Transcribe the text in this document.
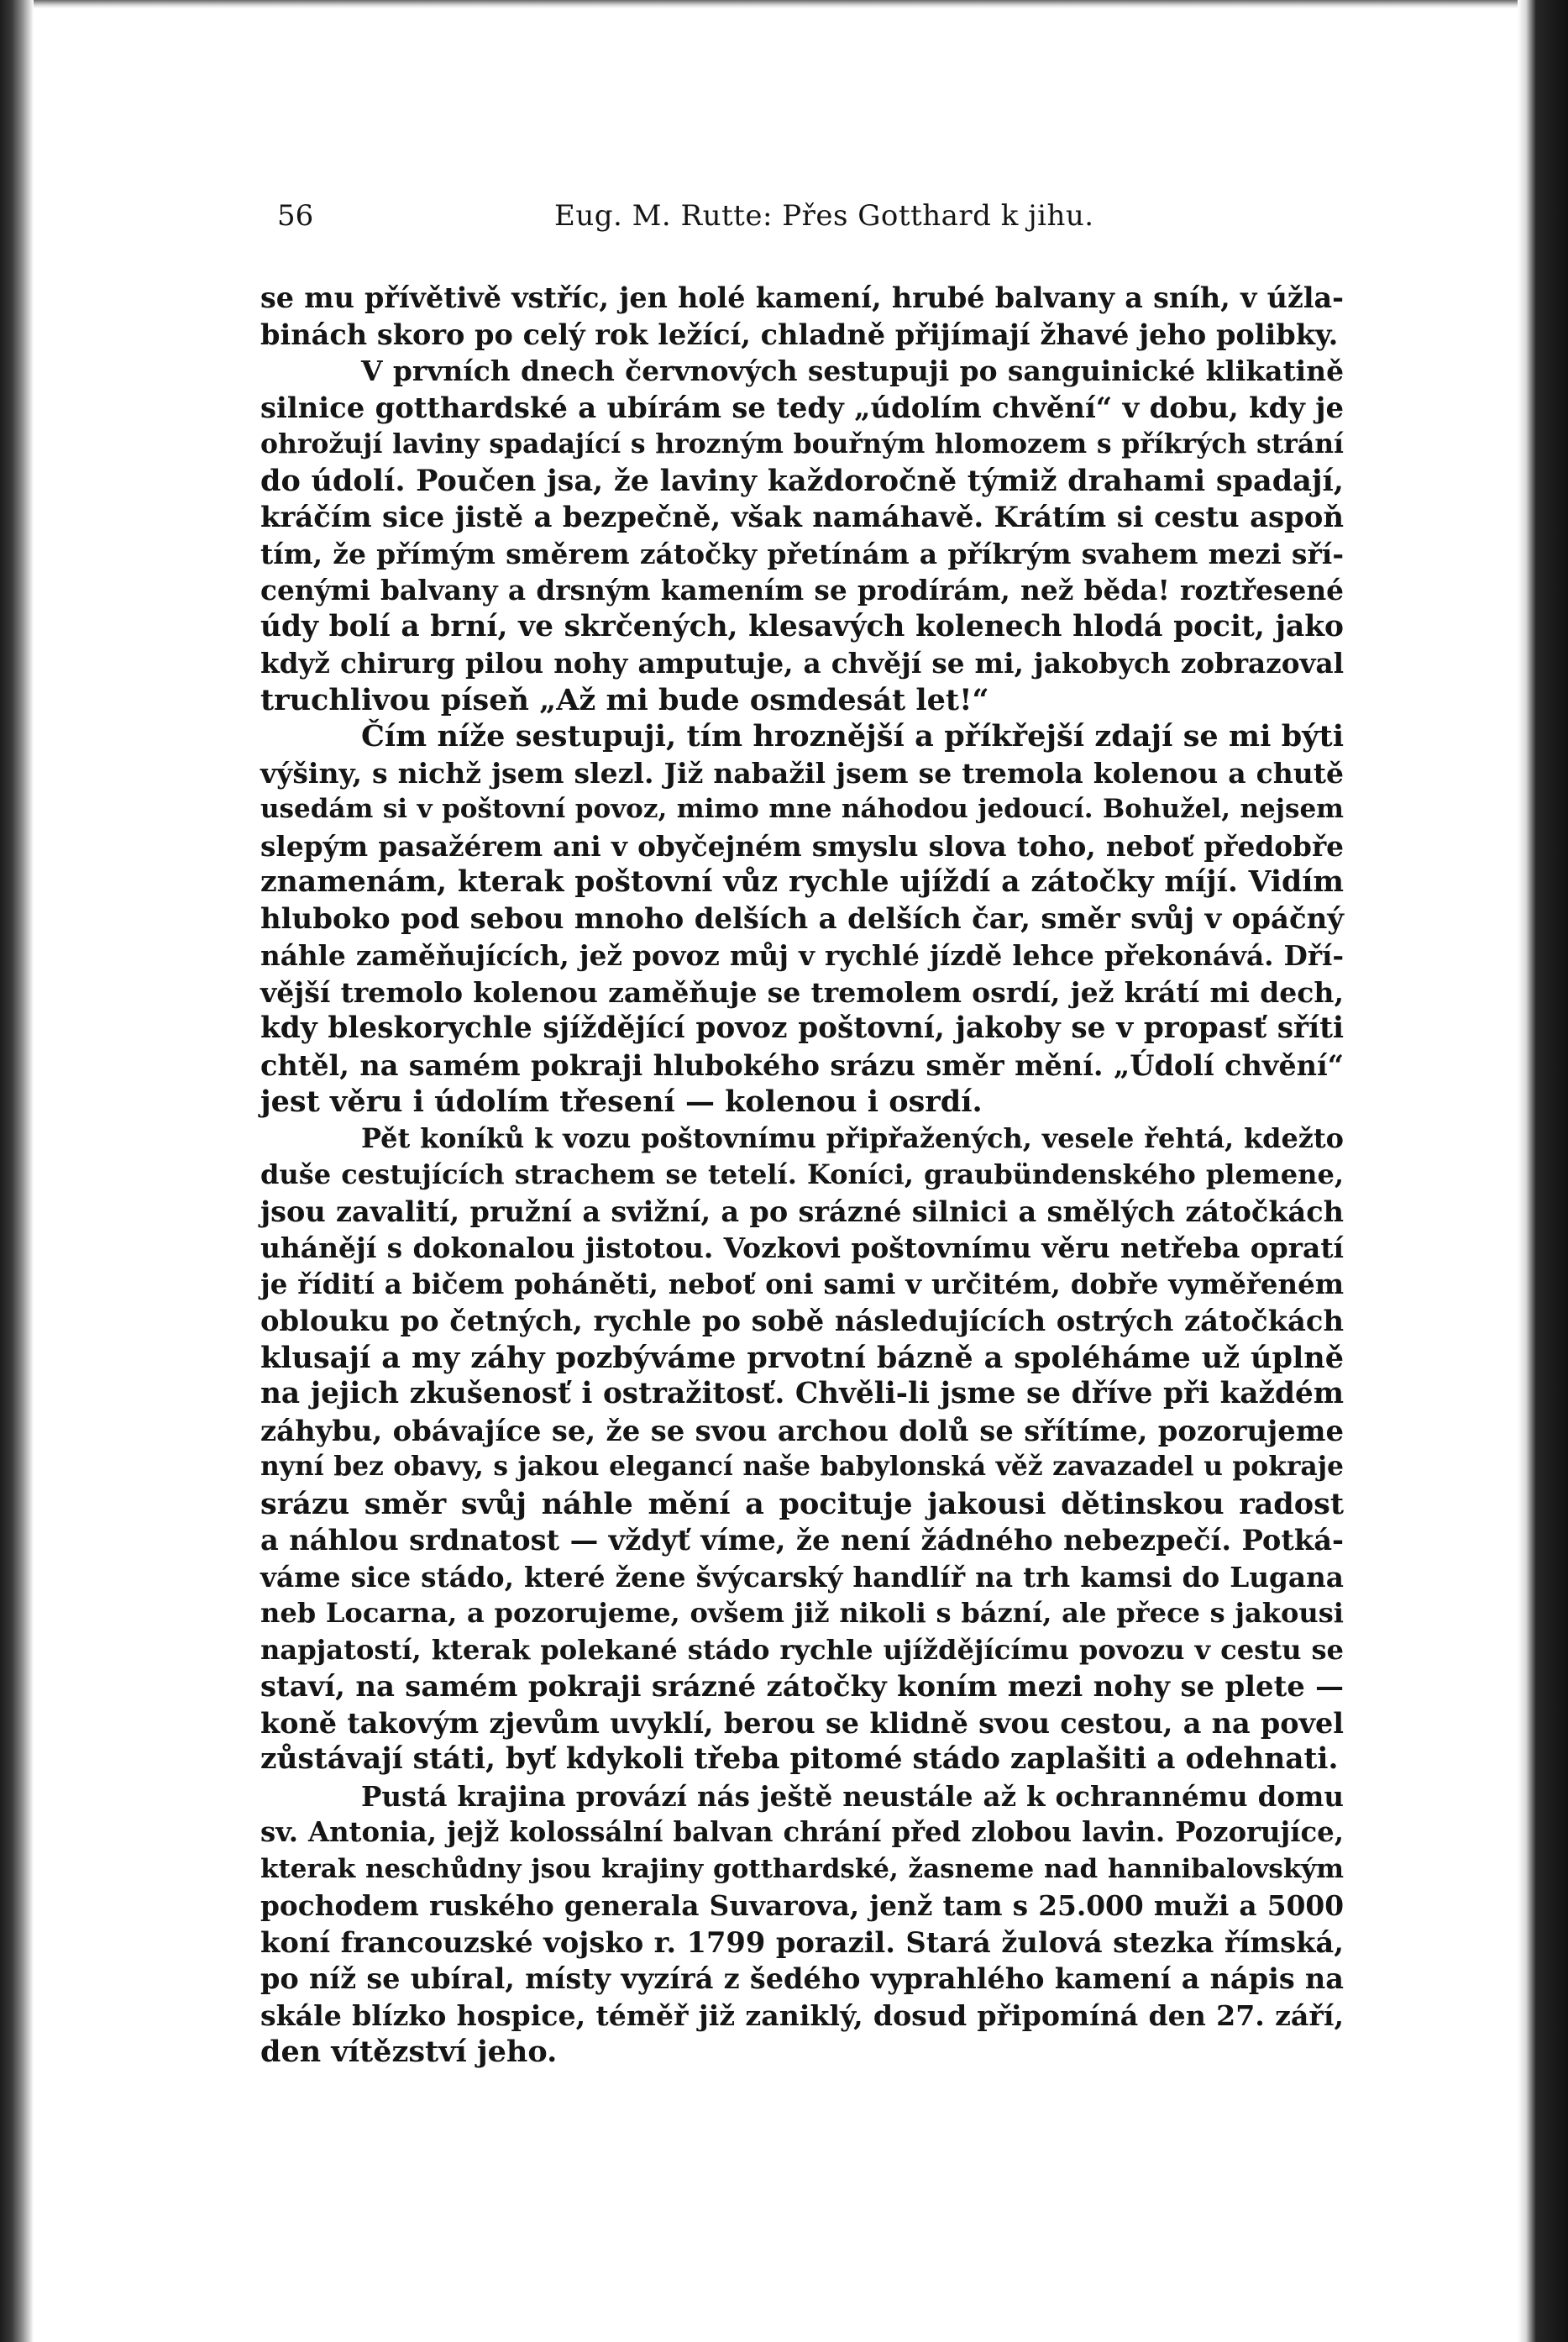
56	Eug. M. Rutte: Přes Gotthard k jihu.

se mu přívětivě vstříc, jen holé kamení, hrubé balvany a sníh, v úžla-
binách skoro po celý rok ležící, chladně přijímají žhavé jeho polibky.

V prvních dnech červnových sestupuji po sanguinické klikatině
silnice gotthardské a ubírám se tedy „údolím chvění“ v dobu, kdy je
ohrožují laviny spadající s hrozným bouřným hlomozem s příkrých strání
do údolí. Poučen jsa, že laviny každoročně týmiž drahami spadají,
kráčím sice jistě a bezpečně, však namáhavě. Krátím si cestu aspoň
tím, že přímým směrem zátočky přetínám a příkrým svahem mezi sří-
cenými balvany a drsným kamením se prodírám, než běda! roztřesené
údy bolí a brní, ve skrčených, klesavých kolenech hlodá pocit, jako
když chirurg pilou nohy amputuje, a chvějí se mi, jakobych zobrazoval
truchlivou píseň „Až mi bude osmdesát let!“

Čím níže sestupuji, tím hroznější a příkřejší zdají se mi býti
výšiny, s nichž jsem slezl. Již nabažil jsem se tremola kolenou a chutě
usedám si v poštovní povoz, mimo mne náhodou jedoucí. Bohužel, nejsem
slepým pasažérem ani v obyčejném smyslu slova toho, neboť předobře
znamenám, kterak poštovní vůz rychle ujíždí a zátočky míjí. Vidím
hluboko pod sebou mnoho delších a delších čar, směr svůj v opáčný
náhle zaměňujících, jež povoz můj v rychlé jízdě lehce překonává. Dří-
vější tremolo kolenou zaměňuje se tremolem osrdí, jež krátí mi dech,
kdy bleskorychle sjíždějící povoz poštovní, jakoby se v propasť sříti
chtěl, na samém pokraji hlubokého srázu směr mění. „Údolí chvění“
jest věru i údolím třesení — kolenou i osrdí.

Pět koníků k vozu poštovnímu připřažených, vesele řehtá, kdežto
duše cestujících strachem se tetelí. Koníci, graubündenského plemene,
jsou zavalití, pružní a svižní, a po srázné silnici a smělých zátočkách
uhánějí s dokonalou jistotou. Vozkovi poštovnímu věru netřeba opratí
je řídití a bičem poháněti, neboť oni sami v určitém, dobře vyměřeném
oblouku po četných, rychle po sobě následujících ostrých zátočkách
klusají a my záhy pozbýváme prvotní bázně a spoléháme už úplně
na jejich zkušenosť i ostražitosť. Chvěli-li jsme se dříve při každém
záhybu, obávajíce se, že se svou archou dolů se sřítíme, pozorujeme
nyní bez obavy, s jakou elegancí naše babylonská věž zavazadel u pokraje
srázu směr svůj náhle mění a pocituje jakousi dětinskou radost
a náhlou srdnatost — vždyť víme, že není žádného nebezpečí. Potká-
váme sice stádo, které žene švýcarský handlíř na trh kamsi do Lugana
neb Locarna, a pozorujeme, ovšem již nikoli s bázní, ale přece s jakousi
napjatostí, kterak polekané stádo rychle ujíždějícímu povozu v cestu se
staví, na samém pokraji srázné zátočky koním mezi nohy se plete —
koně takovým zjevům uvyklí, berou se klidně svou cestou, a na povel
zůstávají státi, byť kdykoli třeba pitomé stádo zaplašiti a odehnati.

Pustá krajina provází nás ještě neustále až k ochrannému domu
sv. Antonia, jejž kolossální balvan chrání před zlobou lavin. Pozorujíce,
kterak neschůdny jsou krajiny gotthardské, žasneme nad hannibalovským
pochodem ruského generala Suvarova, jenž tam s 25.000 muži a 5000
koní francouzské vojsko r. 1799 porazil. Stará žulová stezka římská,
po níž se ubíral, místy vyzírá z šedého vyprahlého kamení a nápis na
skále blízko hospice, téměř již zaniklý, dosud připomíná den 27. září,
den vítězství jeho.
